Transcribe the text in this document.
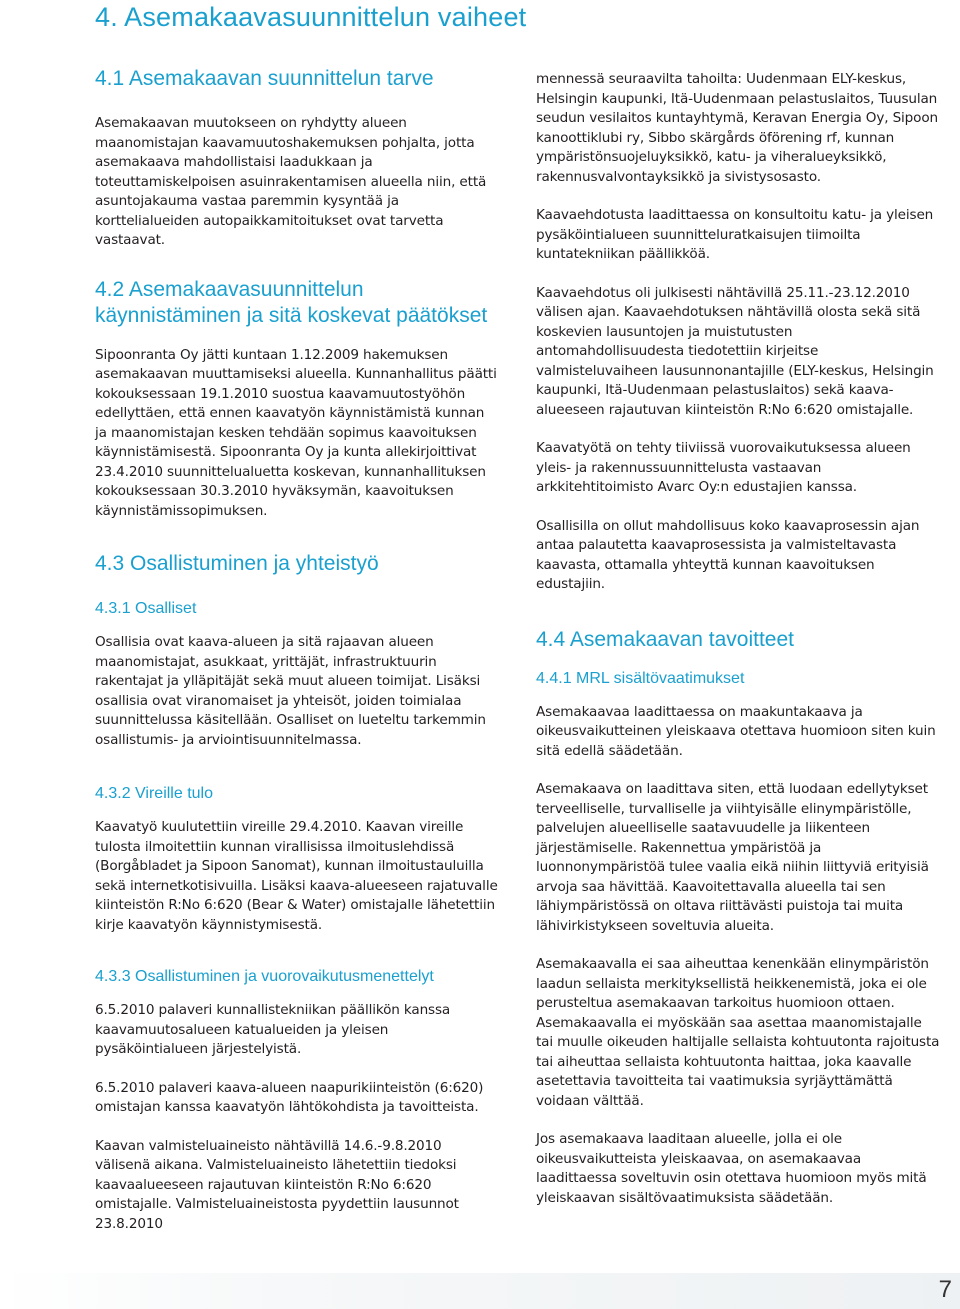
4. Asemakaavasuunnittelun vaiheet
4.1 Asemakaavan suunnittelun tarve

Asemakaavan muutokseen on ryhdytty alueen maanomistajan kaavamuutoshakemuksen pohjalta, jotta asemakaava mahdollistaisi laadukkaan ja toteuttamiskelpoisen asuinrakentamisen alueella niin, että asuntojakauma vastaa paremmin kysyntää ja korttelialueiden autopaikkamitoitukset ovat tarvetta vastaavat.

4.2 Asemakaavasuunnittelun käynnistäminen ja sitä koskevat päätökset

Sipoonranta Oy jätti kuntaan 1.12.2009 hakemuksen asemakaavan muuttamiseksi alueella. Kunnanhallitus päätti kokouksessaan 19.1.2010 suostua kaavamuutostyöhön edellyttäen, että ennen kaavatyön käynnistämistä kunnan ja maanomistajan kesken tehdään sopimus kaavoituksen käynnistämisestä. Sipoonranta Oy ja kunta allekirjoittivat 23.4.2010 suunnittelualuetta koskevan, kunnanhallituksen kokouksessaan 30.3.2010 hyväksymän, kaavoituksen käynnistämissopimuksen.

4.3 Osallistuminen ja yhteistyö
4.3.1 Osalliset

Osallisia ovat kaava-alueen ja sitä rajaavan alueen maanomistajat, asukkaat, yrittäjät, infrastruktuurin rakentajat ja ylläpitäjät sekä muut alueen toimijat. Lisäksi osallisia ovat viranomaiset ja yhteisöt, joiden toimialaa suunnittelussa käsitellään. Osalliset on lueteltu tarkemmin osallistumis- ja arviointisuunnitelmassa.

4.3.2 Vireille tulo

Kaavatyö kuulutettiin vireille 29.4.2010. Kaavan vireille tulosta ilmoitettiin kunnan virallisissa ilmoituslehdissä (Borgåbladet ja Sipoon Sanomat), kunnan ilmoitustauluilla sekä internetkotisivuilla. Lisäksi kaava-alueeseen rajatuvalle kiinteistön R:No 6:620 (Bear & Water) omistajalle lähetettiin kirje kaavatyön käynnistymisestä.

4.3.3 Osallistuminen ja vuorovaikutusmenettelyt

6.5.2010 palaveri kunnallistekniikan päällikön kanssa kaavamuutosalueen katualueiden ja yleisen pysäköintialueen järjestelyistä.

6.5.2010 palaveri kaava-alueen naapurikiinteistön (6:620) omistajan kanssa kaavatyön lähtökohdista ja tavoitteista.

Kaavan valmisteluaineisto nähtävillä 14.6.-9.8.2010 välisenä aikana. Valmisteluaineisto lähetettiin tiedoksi kaavaalueeseen rajautuvan kiinteistön R:No 6:620 omistajalle. Valmisteluaineistosta pyydettiin lausunnot 23.8.2010

mennessä seuraavilta tahoilta: Uudenmaan ELY-keskus, Helsingin kaupunki, Itä-Uudenmaan pelastuslaitos, Tuusulan seudun vesilaitos kuntayhtymä, Keravan Energia Oy, Sipoon kanoottiklubi ry, Sibbo skärgårds öförening rf, kunnan ympäristönsuojeluyksikkö, katu- ja viheralueyksikkö, rakennusvalvontayksikkö ja sivistysosasto.

Kaavaehdotusta laadittaessa on konsultoitu katu- ja yleisen pysäköintialueen suunnitteluratkaisujen tiimoilta kuntatekniikan päällikköä.

Kaavaehdotus oli julkisesti nähtävillä 25.11.-23.12.2010 välisen ajan. Kaavaehdotuksen nähtävillä olosta sekä sitä koskevien lausuntojen ja muistutusten antomahdollisuudesta tiedotettiin kirjeitse valmisteluvaiheen lausunnonantajille (ELY-keskus, Helsingin kaupunki, Itä-Uudenmaan pelastuslaitos) sekä kaava-alueeseen rajautuvan kiinteistön R:No 6:620 omistajalle.

Kaavatyötä on tehty tiiviissä vuorovaikutuksessa alueen yleis- ja rakennussuunnittelusta vastaavan arkkitehtitoimisto Avarc Oy:n edustajien kanssa.

Osallisilla on ollut mahdollisuus koko kaavaprosessin ajan antaa palautetta kaavaprosessista ja valmisteltavasta kaavasta, ottamalla yhteyttä kunnan kaavoituksen edustajiin.

4.4 Asemakaavan tavoitteet
4.4.1 MRL sisältövaatimukset

Asemakaavaa laadittaessa on maakuntakaava ja oikeusvaikutteinen yleiskaava otettava huomioon siten kuin sitä edellä säädetään.

Asemakaava on laadittava siten, että luodaan edellytykset terveelliselle, turvalliselle ja viihtyisälle elinympäristölle, palvelujen alueelliselle saatavuudelle ja liikenteen järjestämiselle. Rakennettua ympäristöä ja luonnonympäristöä tulee vaalia eikä niihin liittyviä erityisiä arvoja saa hävittää. Kaavoitettavalla alueella tai sen lähiympäristössä on oltava riittävästi puistoja tai muita lähivirkistykseen soveltuvia alueita.

Asemakaavalla ei saa aiheuttaa kenenkään elinympäristön laadun sellaista merkityksellistä heikkenemistä, joka ei ole perusteltua asemakaavan tarkoitus huomioon ottaen. Asemakaavalla ei myöskään saa asettaa maanomistajalle tai muulle oikeuden haltijalle sellaista kohtuutonta rajoitusta tai aiheuttaa sellaista kohtuutonta haittaa, joka kaavalle asetettavia tavoitteita tai vaatimuksia syrjäyttämättä voidaan välttää.

Jos asemakaava laaditaan alueelle, jolla ei ole oikeusvaikutteista yleiskaavaa, on asemakaavaa laadittaessa soveltuvin osin otettava huomioon myös mitä yleiskaavan sisältövaatimuksista säädetään.

7
